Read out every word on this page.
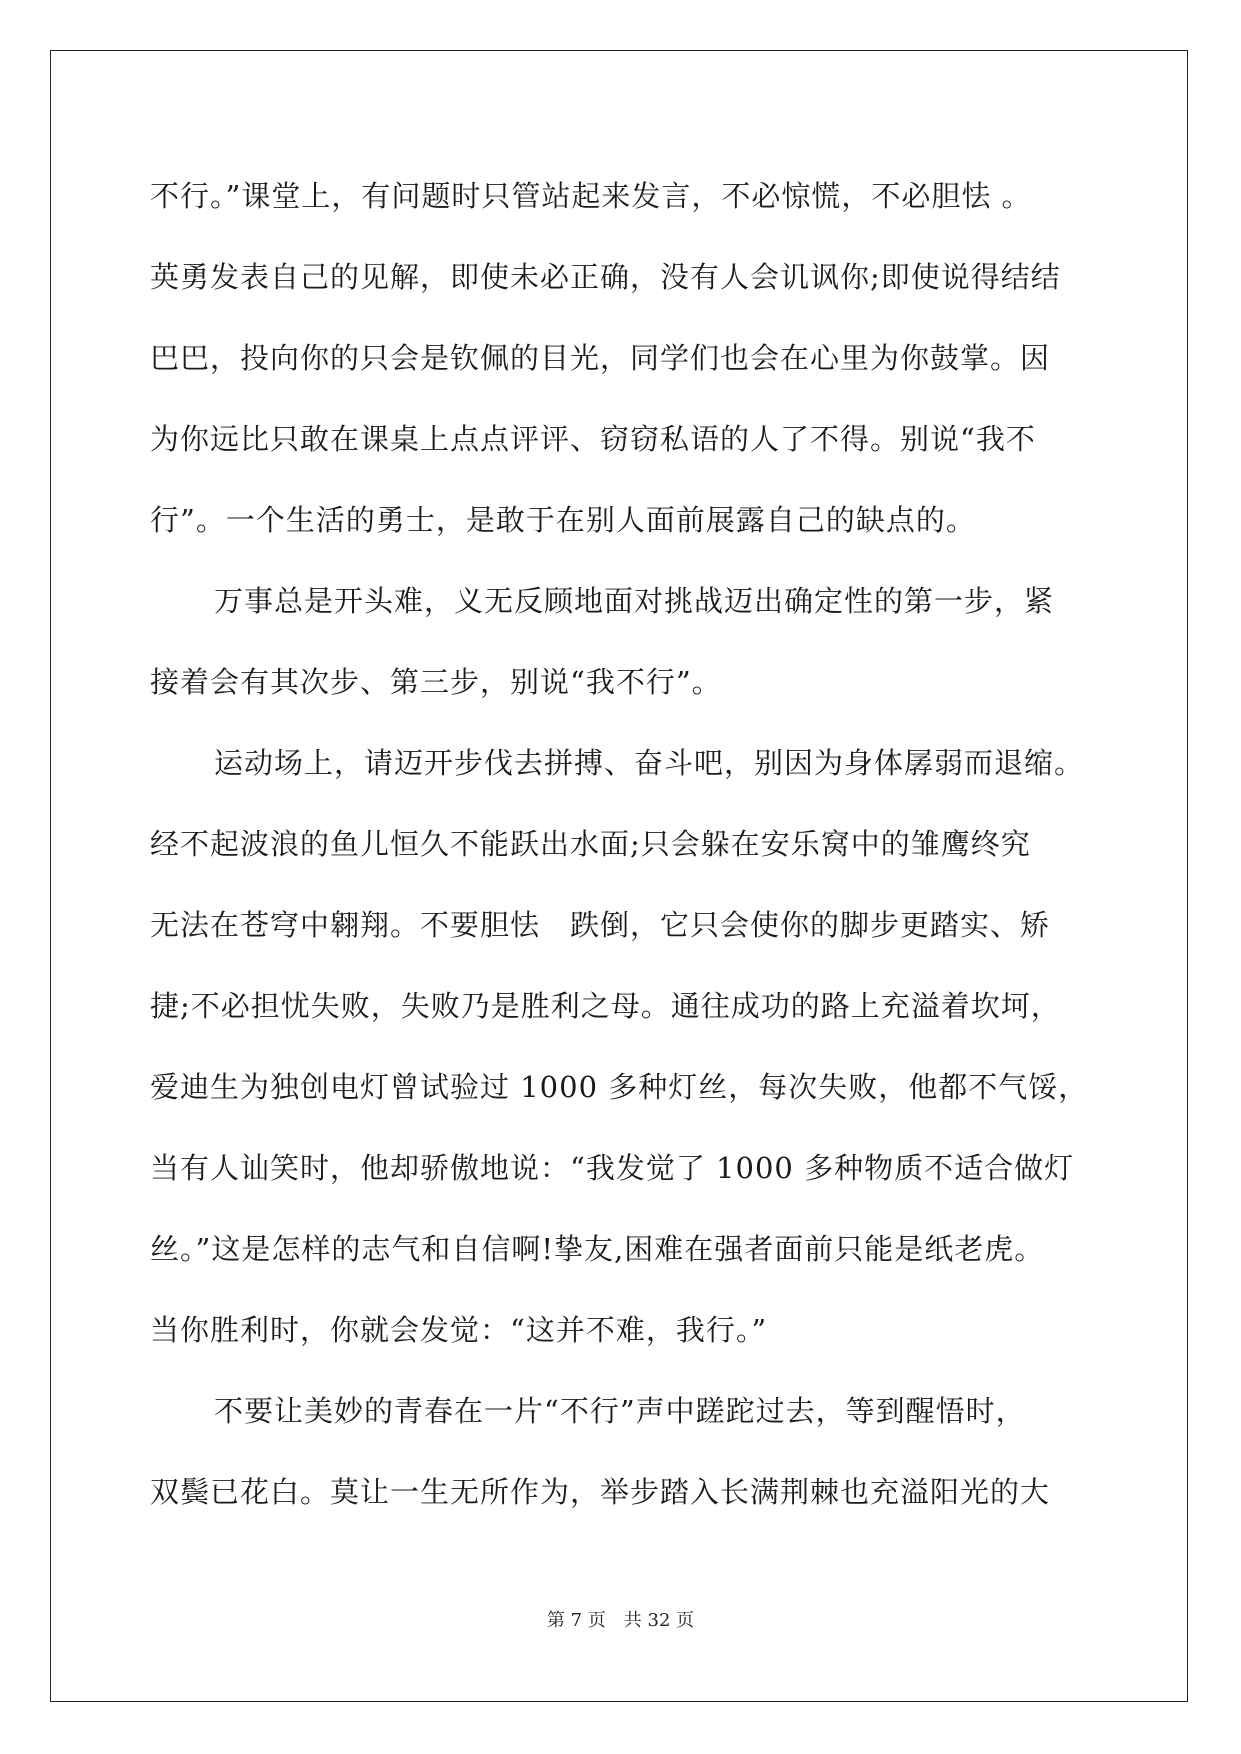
不行。”课堂上，有问题时只管站起来发言，不必惊慌，不必胆怯 。
英勇发表自己的见解，即使未必正确，没有人会讥讽你;即使说得结结
巴巴，投向你的只会是钦佩的目光，同学们也会在心里为你鼓掌。因
为你远比只敢在课桌上点点评评、窃窃私语的人了不得。别说“我不
行”。一个生活的勇士，是敢于在别人面前展露自己的缺点的。
万事总是开头难，义无反顾地面对挑战迈出确定性的第一步，紧
接着会有其次步、第三步，别说“我不行”。
运动场上，请迈开步伐去拼搏、奋斗吧，别因为身体孱弱而退缩。
经不起波浪的鱼儿恒久不能跃出水面;只会躲在安乐窝中的雏鹰终究
无法在苍穹中翱翔。不要胆怯　跌倒，它只会使你的脚步更踏实、矫
捷;不必担忧失败，失败乃是胜利之母。通往成功的路上充溢着坎坷，
爱迪生为独创电灯曾试验过 1000 多种灯丝，每次失败，他都不气馁，
当有人讪笑时，他却骄傲地说：“我发觉了 1000 多种物质不适合做灯
丝。”这是怎样的志气和自信啊!挚友,困难在强者面前只能是纸老虎。
当你胜利时，你就会发觉：“这并不难，我行。”
不要让美妙的青春在一片“不行”声中蹉跎过去，等到醒悟时，
双鬓已花白。莫让一生无所作为，举步踏入长满荆棘也充溢阳光的大
第 7 页　共 32 页
